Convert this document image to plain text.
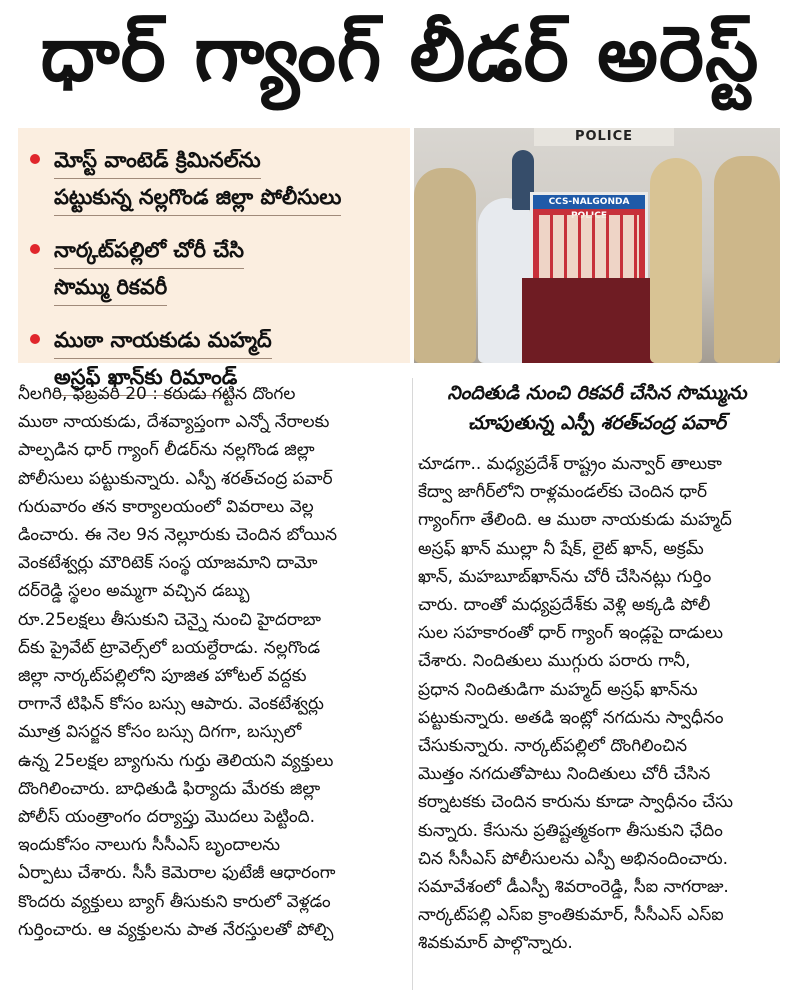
ధార్ గ్యాంగ్ లీడర్ అరెస్ట్
మోస్ట్ వాంటెడ్ క్రిమినల్‌ను
పట్టుకున్న నల్లగొండ జిల్లా పోలీసులు
నార్కట్‌పల్లిలో చోరీ చేసి
సొమ్ము రికవరీ
ముఠా నాయకుడు మహ్మద్
అస్రఫ్ ఖాన్‌కు రిమాండ్
POLICE
CCS-NALGONDA
నిందితుడి నుంచి రికవరీ చేసిన సొమ్మును
చూపుతున్న ఎస్పీ శరత్‌చంద్ర పవార్
నీలగిరి, ఫిబ్రవరి 20 : కరుడు గట్టిన దొంగల
ముఠా నాయకుడు, దేశవ్యాప్తంగా ఎన్నో నేరాలకు
పాల్పడిన ధార్ గ్యాంగ్ లీడర్‌ను నల్లగొండ జిల్లా
పోలీసులు పట్టుకున్నారు. ఎస్పీ శరత్‌చంద్ర పవార్
గురువారం తన కార్యాలయంలో వివరాలు వెల్ల
డించారు. ఈ నెల 9న నెల్లూరుకు చెందిన బోయిన
వెంకటేశ్వర్లు మౌరిటెక్ సంస్థ యాజమాని దామో
దర్‌రెడ్డి స్థలం అమ్మగా వచ్చిన డబ్బు
రూ.25లక్షలు తీసుకుని చెన్నై నుంచి హైదరాబా
ద్‌కు ప్రైవేట్ ట్రావెల్స్‌లో బయల్దేరాడు. నల్లగొండ
జిల్లా నార్కట్‌పల్లిలోని పూజిత హోటల్ వద్దకు
రాగానే టిఫిన్ కోసం బస్సు ఆపారు. వెంకటేశ్వర్లు
మూత్ర విసర్జన కోసం బస్సు దిగగా, బస్సులో
ఉన్న 25లక్షల బ్యాగును గుర్తు తెలియని వ్యక్తులు
దొంగిలించారు. బాధితుడి ఫిర్యాదు మేరకు జిల్లా
పోలీస్ యంత్రాంగం దర్యాప్తు మొదలు పెట్టింది.
ఇందుకోసం నాలుగు సీసీఎస్ బృందాలను
ఏర్పాటు చేశారు. సీసీ కెమెరాల ఫుటేజీ ఆధారంగా
కొందరు వ్యక్తులు బ్యాగ్ తీసుకుని కారులో వెళ్లడం
గుర్తించారు. ఆ వ్యక్తులను పాత నేరస్తులతో పోల్చి
చూడగా.. మధ్యప్రదేశ్ రాష్ట్రం మన్వార్ తాలుకా
కేద్వా జాగీర్‌లోని రాళ్లమండల్‌కు చెందిన ధార్
గ్యాంగ్‌గా తేలింది. ఆ ముఠా నాయకుడు మహ్మద్
అస్రఫ్ ఖాన్ ముల్లా నీ షేక్, లైట్ ఖాన్, అక్రమ్
ఖాన్, మహబూబ్‌ఖాన్‌ను చోరీ చేసినట్లు గుర్తిం
చారు. దాంతో మధ్యప్రదేశ్‌కు వెళ్లి అక్కడి పోలీ
సుల సహకారంతో ధార్ గ్యాంగ్ ఇండ్లపై దాడులు
చేశారు. నిందితులు ముగ్గురు పరారు గానీ,
ప్రధాన నిందితుడిగా మహ్మద్ అస్రఫ్ ఖాన్‌ను
పట్టుకున్నారు. అతడి ఇంట్లో నగదును స్వాధీనం
చేసుకున్నారు. నార్కట్‌పల్లిలో దొంగిలించిన
మొత్తం నగదుతోపాటు నిందితులు చోరీ చేసిన
కర్నాటకకు చెందిన కారును కూడా స్వాధీనం చేసు
కున్నారు. కేసును ప్రతిష్టత్మకంగా తీసుకుని ఛేదిం
చిన సీసీఎస్ పోలీసులను ఎస్పీ అభినందించారు.
సమావేశంలో డీఎస్పీ శివరాంరెడ్డి, సీఐ నాగరాజు.
నార్కట్‌పల్లి ఎస్ఐ క్రాంతికుమార్, సీసీఎస్ ఎస్ఐ
శివకుమార్ పాల్గొన్నారు.
